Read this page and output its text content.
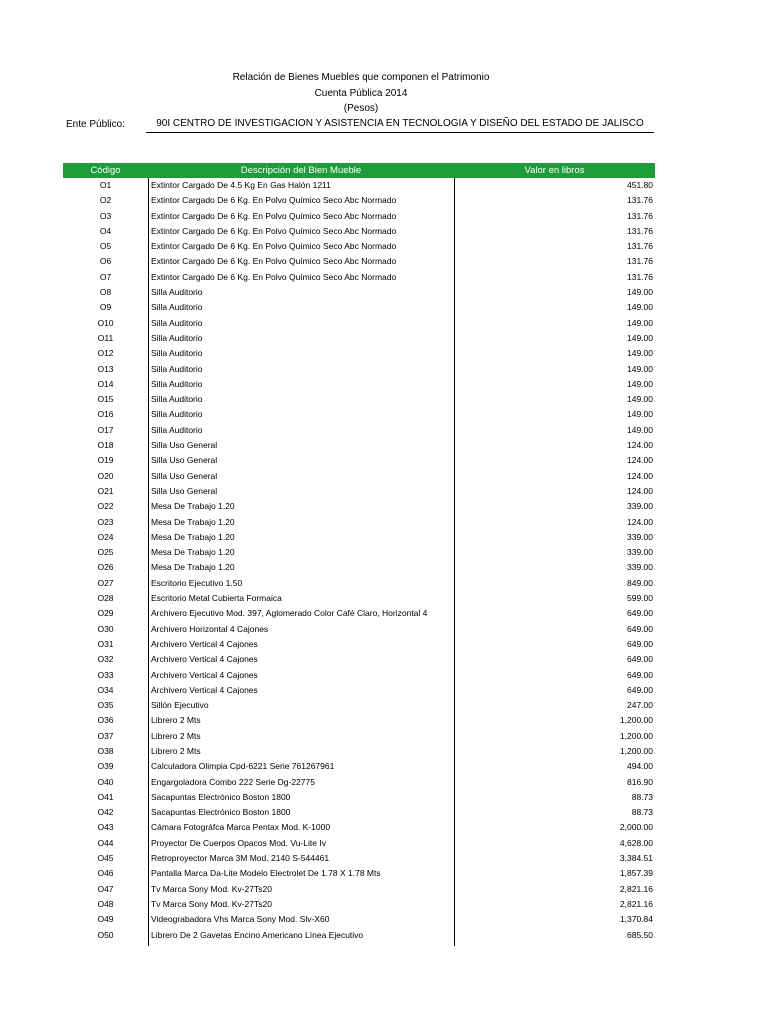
Relación de Bienes Muebles que componen el Patrimonio
Cuenta Pública 2014
(Pesos)
Ente Público:	90I CENTRO DE INVESTIGACION Y ASISTENCIA EN TECNOLOGIA Y DISEÑO DEL ESTADO DE JALISCO
Código	Descripción del Bien Mueble	Valor en libros
O1	Extintor Cargado De 4.5 Kg En Gas Halón 1211	451.80
O2	Extintor Cargado De 6 Kg. En Polvo Químico Seco Abc Normado	131.76
O3	Extintor Cargado De 6 Kg. En Polvo Químico Seco Abc Normado	131.76
O4	Extintor Cargado De 6 Kg. En Polvo Químico Seco Abc Normado	131.76
O5	Extintor Cargado De 6 Kg. En Polvo Químico Seco Abc Normado	131.76
O6	Extintor Cargado De 6 Kg. En Polvo Químico Seco Abc Normado	131.76
O7	Extintor Cargado De 6 Kg. En Polvo Químico Seco Abc Normado	131.76
O8	Silla Auditorio	149.00
O9	Silla Auditorio	149.00
O10	Silla Auditorio	149.00
O11	Silla Auditorio	149.00
O12	Silla Auditorio	149.00
O13	Silla Auditorio	149.00
O14	Silla Auditorio	149.00
O15	Silla Auditorio	149.00
O16	Silla Auditorio	149.00
O17	Silla Auditorio	149.00
O18	Silla Uso General	124.00
O19	Silla Uso General	124.00
O20	Silla Uso General	124.00
O21	Silla Uso General	124.00
O22	Mesa De Trabajo 1.20	339.00
O23	Mesa De Trabajo 1.20	124.00
O24	Mesa De Trabajo 1.20	339.00
O25	Mesa De Trabajo 1.20	339.00
O26	Mesa De Trabajo 1.20	339.00
O27	Escritorio Ejecutivo 1.50	849.00
O28	Escritorio Metal Cubierta Formaica	599.00
O29	Archivero Ejecutivo Mod. 397, Aglomerado Color Café Claro, Horizontal 4	649.00
O30	Archivero Horizontal 4 Cajones	649.00
O31	Archivero Vertical 4 Cajones	649.00
O32	Archivero Vertical 4 Cajones	649.00
O33	Archivero Vertical 4 Cajones	649.00
O34	Archivero Vertical 4 Cajones	649.00
O35	Sillón Ejecutivo	247.00
O36	Librero 2 Mts	1,200.00
O37	Librero 2 Mts	1,200.00
O38	Librero 2 Mts	1,200.00
O39	Calculadora Olimpia Cpd-6221 Serie 761267961	494.00
O40	Engargoladora Combo 222 Serie Dg-22775	816.90
O41	Sacapuntas Electrónico Boston 1800	88.73
O42	Sacapuntas Electrónico Boston 1800	88.73
O43	Cámara Fotográfca Marca Pentax Mod. K-1000	2,000.00
O44	Proyector De Cuerpos Opacos Mod. Vu-Lite Iv	4,628.00
O45	Retroproyector Marca 3M Mod. 2140 S-544461	3,384.51
O46	Pantalla Marca Da-Lite Modelo Electrolet De 1.78 X 1.78 Mts	1,857.39
O47	Tv Marca Sony Mod. Kv-27Ts20	2,821.16
O48	Tv Marca Sony Mod. Kv-27Ts20	2,821.16
O49	Videograbadora Vhs Marca Sony Mod. Slv-X60	1,370.84
O50	Librero De 2 Gavetas Encino Americano Línea Ejecutivo	685.50
